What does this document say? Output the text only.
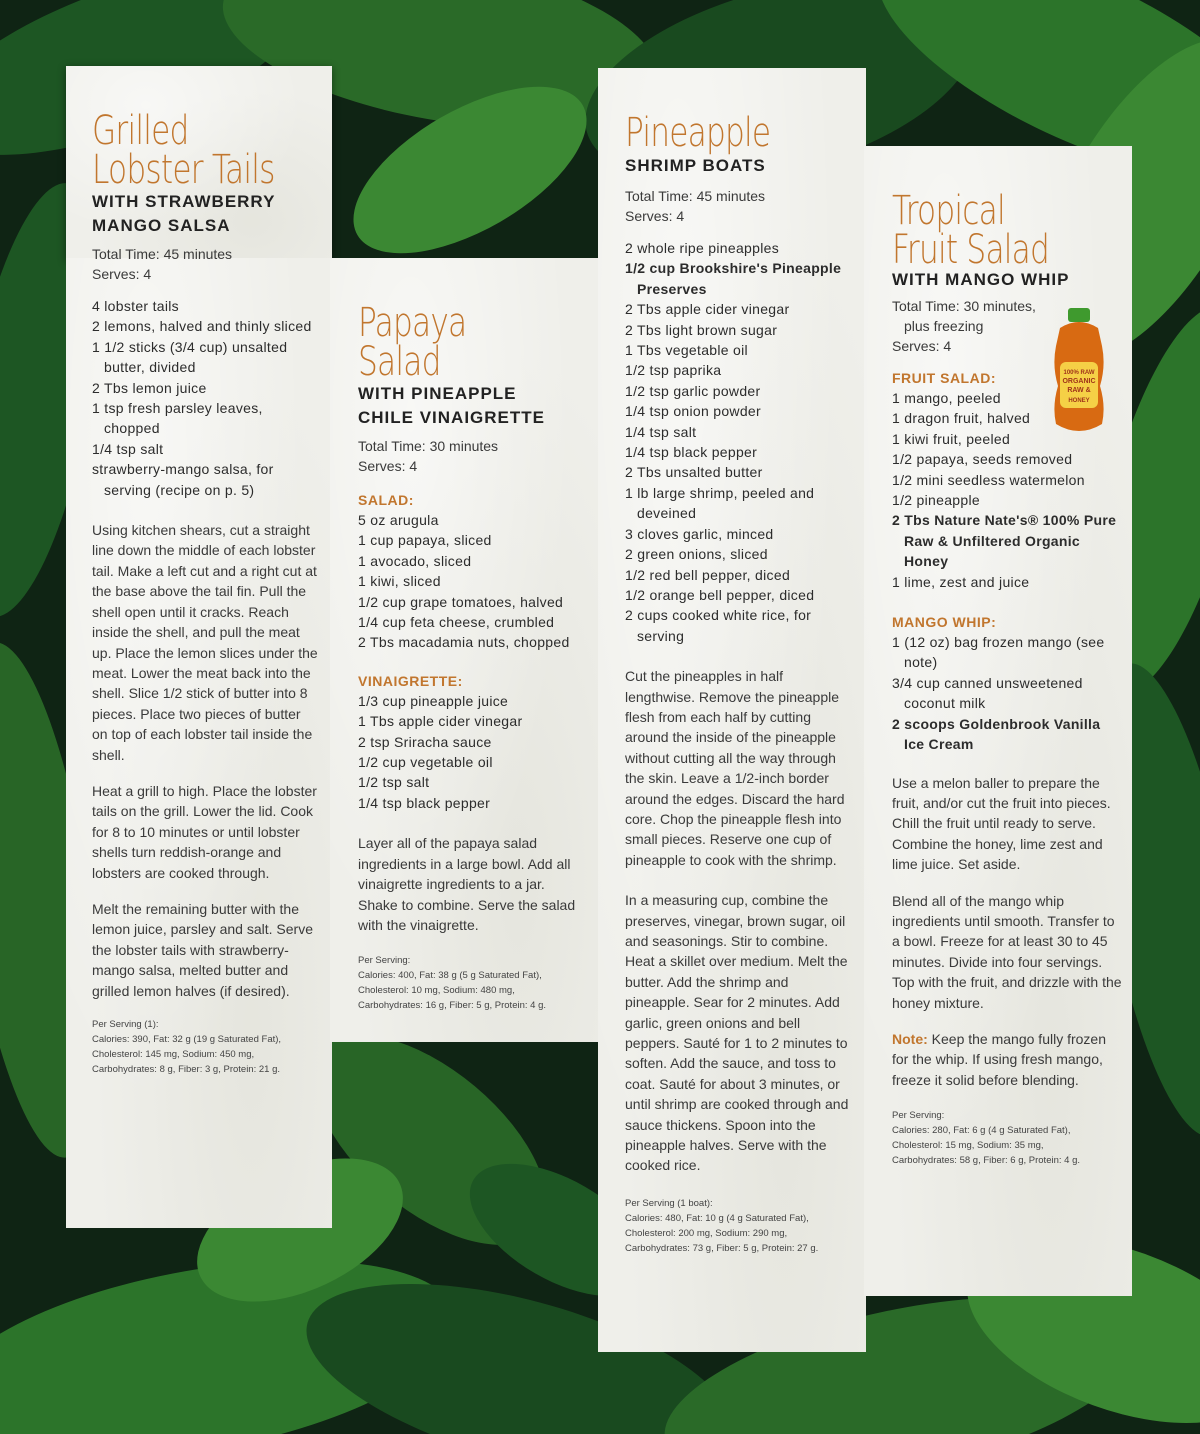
Grilled
Lobster Tails
WITH STRAWBERRY
MANGO SALSA
Total Time: 45 minutes
Serves: 4
4 lobster tails
2 lemons, halved and thinly sliced
1 1/2 sticks (3/4 cup) unsalted butter, divided
2 Tbs lemon juice
1 tsp fresh parsley leaves, chopped
1/4 tsp salt
strawberry-mango salsa, for serving (recipe on p. 5)

Using kitchen shears, cut a straight line down the middle of each lobster tail. Make a left cut and a right cut at the base above the tail fin. Pull the shell open until it cracks. Reach inside the shell, and pull the meat up. Place the lemon slices under the meat. Lower the meat back into the shell. Slice 1/2 stick of butter into 8 pieces. Place two pieces of butter on top of each lobster tail inside the shell.

Heat a grill to high. Place the lobster tails on the grill. Lower the lid. Cook for 8 to 10 minutes or until lobster shells turn reddish-orange and lobsters are cooked through.

Melt the remaining butter with the lemon juice, parsley and salt. Serve the lobster tails with strawberry-mango salsa, melted butter and grilled lemon halves (if desired).

Per Serving (1):
Calories: 390, Fat: 32 g (19 g Saturated Fat),
Cholesterol: 145 mg, Sodium: 450 mg,
Carbohydrates: 8 g, Fiber: 3 g, Protein: 21 g.
Papaya
Salad
WITH PINEAPPLE
CHILE VINAIGRETTE
Total Time: 30 minutes
Serves: 4
SALAD:
5 oz arugula
1 cup papaya, sliced
1 avocado, sliced
1 kiwi, sliced
1/2 cup grape tomatoes, halved
1/4 cup feta cheese, crumbled
2 Tbs macadamia nuts, chopped
VINAIGRETTE:
1/3 cup pineapple juice
1 Tbs apple cider vinegar
2 tsp Sriracha sauce
1/2 cup vegetable oil
1/2 tsp salt
1/4 tsp black pepper

Layer all of the papaya salad ingredients in a large bowl. Add all vinaigrette ingredients to a jar. Shake to combine. Serve the salad with the vinaigrette.

Per Serving:
Calories: 400, Fat: 38 g (5 g Saturated Fat),
Cholesterol: 10 mg, Sodium: 480 mg,
Carbohydrates: 16 g, Fiber: 5 g, Protein: 4 g.
Pineapple
SHRIMP BOATS
Total Time: 45 minutes
Serves: 4
2 whole ripe pineapples
1/2 cup Brookshire's Pineapple Preserves
2 Tbs apple cider vinegar
2 Tbs light brown sugar
1 Tbs vegetable oil
1/2 tsp paprika
1/2 tsp garlic powder
1/4 tsp onion powder
1/4 tsp salt
1/4 tsp black pepper
2 Tbs unsalted butter
1 lb large shrimp, peeled and deveined
3 cloves garlic, minced
2 green onions, sliced
1/2 red bell pepper, diced
1/2 orange bell pepper, diced
2 cups cooked white rice, for serving

Cut the pineapples in half lengthwise. Remove the pineapple flesh from each half by cutting around the inside of the pineapple without cutting all the way through the skin. Leave a 1/2-inch border around the edges. Discard the hard core. Chop the pineapple flesh into small pieces. Reserve one cup of pineapple to cook with the shrimp.

In a measuring cup, combine the preserves, vinegar, brown sugar, oil and seasonings. Stir to combine. Heat a skillet over medium. Melt the butter. Add the shrimp and pineapple. Sear for 2 minutes. Add garlic, green onions and bell peppers. Sauté for 1 to 2 minutes to soften. Add the sauce, and toss to coat. Sauté for about 3 minutes, or until shrimp are cooked through and sauce thickens. Spoon into the pineapple halves. Serve with the cooked rice.

Per Serving (1 boat):
Calories: 480, Fat: 10 g (4 g Saturated Fat),
Cholesterol: 200 mg, Sodium: 290 mg,
Carbohydrates: 73 g, Fiber: 5 g, Protein: 27 g.
Tropical
Fruit Salad
WITH MANGO WHIP
Total Time: 30 minutes,
plus freezing
Serves: 4
FRUIT SALAD:
1 mango, peeled
1 dragon fruit, halved
1 kiwi fruit, peeled
1/2 papaya, seeds removed
1/2 mini seedless watermelon
1/2 pineapple
2 Tbs Nature Nate's® 100% Pure Raw & Unfiltered Organic Honey
1 lime, zest and juice
MANGO WHIP:
1 (12 oz) bag frozen mango (see note)
3/4 cup canned unsweetened coconut milk
2 scoops Goldenbrook Vanilla Ice Cream

Use a melon baller to prepare the fruit, and/or cut the fruit into pieces. Chill the fruit until ready to serve. Combine the honey, lime zest and lime juice. Set aside.

Blend all of the mango whip ingredients until smooth. Transfer to a bowl. Freeze for at least 30 to 45 minutes. Divide into four servings. Top with the fruit, and drizzle with the honey mixture.

Note: Keep the mango fully frozen for the whip. If using fresh mango, freeze it solid before blending.

Per Serving:
Calories: 280, Fat: 6 g (4 g Saturated Fat),
Cholesterol: 15 mg, Sodium: 35 mg,
Carbohydrates: 58 g, Fiber: 6 g, Protein: 4 g.
100% RAW
ORGANIC
RAW &
HONEY
